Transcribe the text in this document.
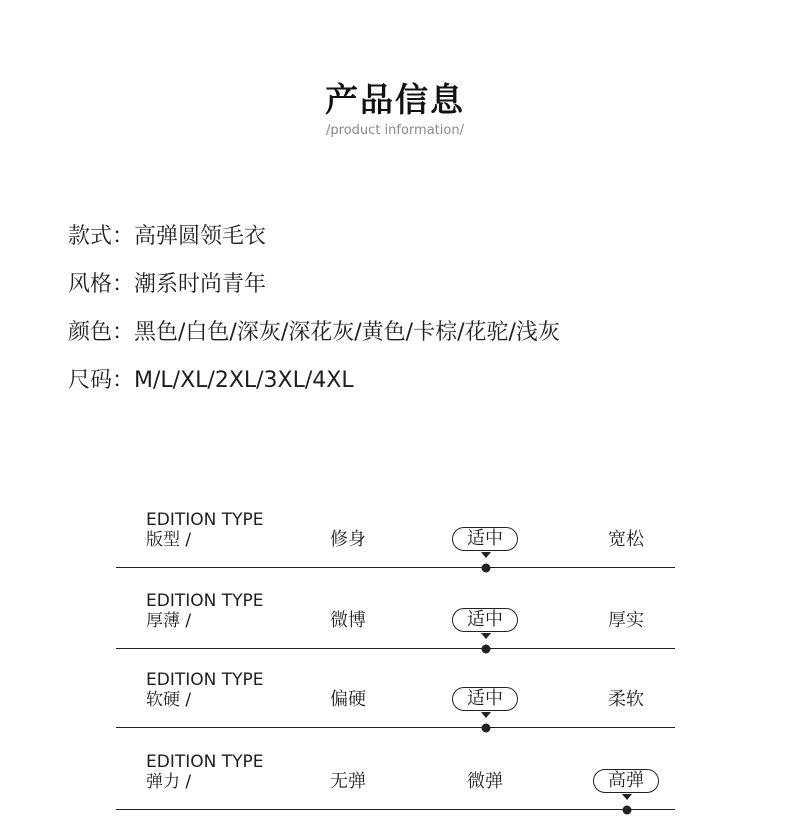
产品信息
/product information/
款式：高弹圆领毛衣
风格：潮系时尚青年
颜色：黑色/白色/深灰/深花灰/黄色/卡棕/花驼/浅灰
尺码：M/L/XL/2XL/3XL/4XL
EDITION TYPE
版型 /	修身	适中	宽松
EDITION TYPE
厚薄 /	微博	适中	厚实
EDITION TYPE
软硬 /	偏硬	适中	柔软
EDITION TYPE
弹力 /	无弹	微弹	高弹
